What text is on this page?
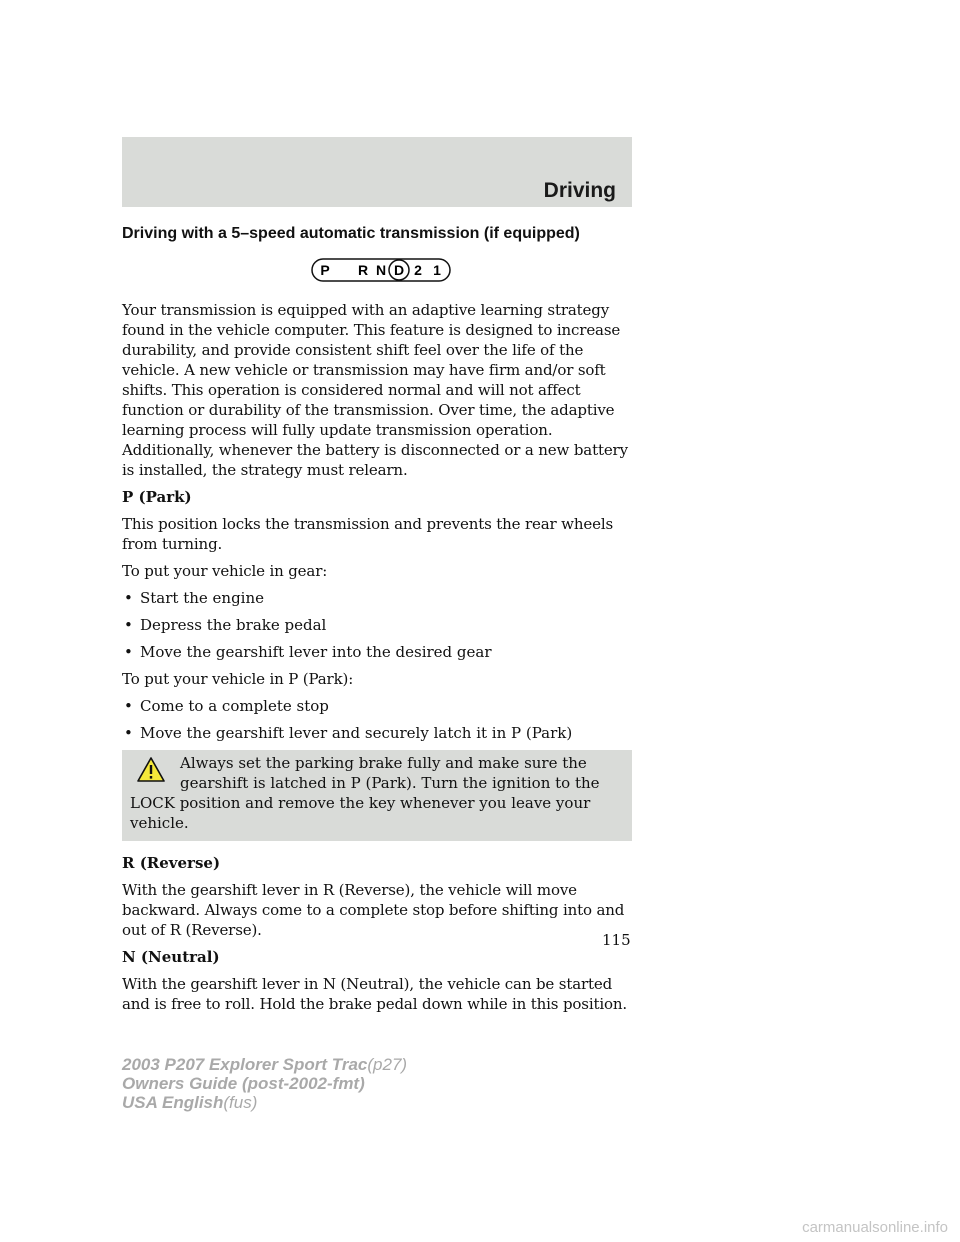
Driving
Driving with a 5–speed automatic transmission (if equipped)
P R N D 2 1

Your transmission is equipped with an adaptive learning strategy found in the vehicle computer. This feature is designed to increase durability, and provide consistent shift feel over the life of the vehicle. A new vehicle or transmission may have firm and/or soft shifts. This operation is considered normal and will not affect function or durability of the transmission. Over time, the adaptive learning process will fully update transmission operation. Additionally, whenever the battery is disconnected or a new battery is installed, the strategy must relearn.

P (Park)

This position locks the transmission and prevents the rear wheels from turning.

To put your vehicle in gear:

• Start the engine
• Depress the brake pedal
• Move the gearshift lever into the desired gear

To put your vehicle in P (Park):

• Come to a complete stop
• Move the gearshift lever and securely latch it in P (Park)
Always set the parking brake fully and make sure the gearshift is latched in P (Park). Turn the ignition to the LOCK position and remove the key whenever you leave your vehicle.

R (Reverse)

With the gearshift lever in R (Reverse), the vehicle will move backward. Always come to a complete stop before shifting into and out of R (Reverse).

N (Neutral)

With the gearshift lever in N (Neutral), the vehicle can be started and is free to roll. Hold the brake pedal down while in this position.

115
2003 P207 Explorer Sport Trac(p27)
Owners Guide (post-2002-fmt)
USA English(fus)
carmanualsonline.info
